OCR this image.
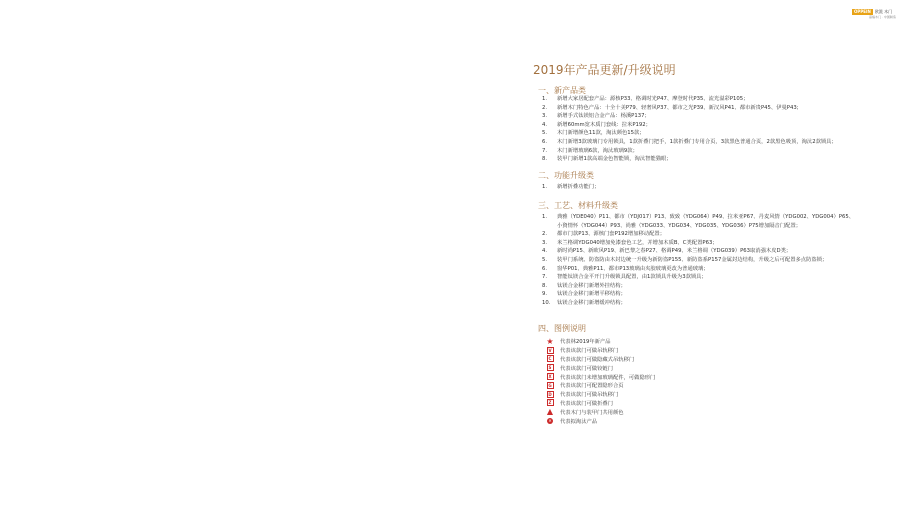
OPPEIN	欧派 木门
高端木门 · 中国制造
2019年产品更新/升级说明
一、新产品类
1. 新增大家居配套产品：源核P33、格调时光P47、摩登时代P35、流光溢彩P105；
2. 新增木门特色产品：十全十美P79、轻奢风P37、都市之光P39、新汉风P41、都市新贵P45、伊曼P43;
3. 新增手式钛镁铝合金产品：杨溪P137；
4. 新增60mm宽木质门套线：拉米P192；
5. 木门新增颜色11款，淘汰颜色15款；
6. 木门新增3款玻璃门专用锁具，1款折叠门把手，1款折叠门专用合页，3款黑色普通合页，2款黑色吸顶，淘汰2款锁具；
7. 木门新增玻璃6款，淘汰玻璃9款；
8. 装甲门新增1款高端金色智能锁，淘汰智能猫眼；
二、功能升级类
1. 新增折叠功能门；
三、工艺、材料升级类
1. 典雅（YDE040）P11、都市（YDJ017）P13、致致（YDG064）P49、拉米亚P67、丹麦风情（YDG002、YDG004）P65、
小資情怀（YDG044）P93、尚雅（YDG033、YDG034、YDG035、YDG036）P75增加隔音门配置；
2. 都市门款P13、源核门套P192增加移动配置；
3. 米兰格调YDG040增加免漆套色工艺，并增加木质B、C类配置P63；
4. 新时尚P15、新欧风P19、新巴黎之春P27、格调P49、米兰格调（YDG039）P63取消强木皮D类；
5. 装甲门系统、防盗防由木封边统一升级为新防盗P155、新防盗系P157金属封边结构，升级之后可配置多点防盗锁；
6. 窗华P01、典雅P11、都市P13玻璃由夹胶玻璃更改为普通玻璃；
7. 智能钛镁合金平开门升级锁具配置，由1款锁具升级为3款锁具；
8. 钛镁合金移门新增外挂结构；
9. 钛镁合金移门新增平移结构；
10. 钛镁合金移门新增缓冲结构；
四、图例说明
★ 代表林2019年新产品
V	代表该款门可做吊轨移门
C	代表该款门可做隐藏式吊轨移门
S	代表该款门可做铰链门
X	代表该款门未增加玻璃配件，可做隐形门
G	代表该款门可配置隐形合页
D	代表该款门可做吊轨移门
Z	代表该款门可做折叠门
▲ 代表木门与装甲门共用颜色
✕ 代表拟淘汰产品
